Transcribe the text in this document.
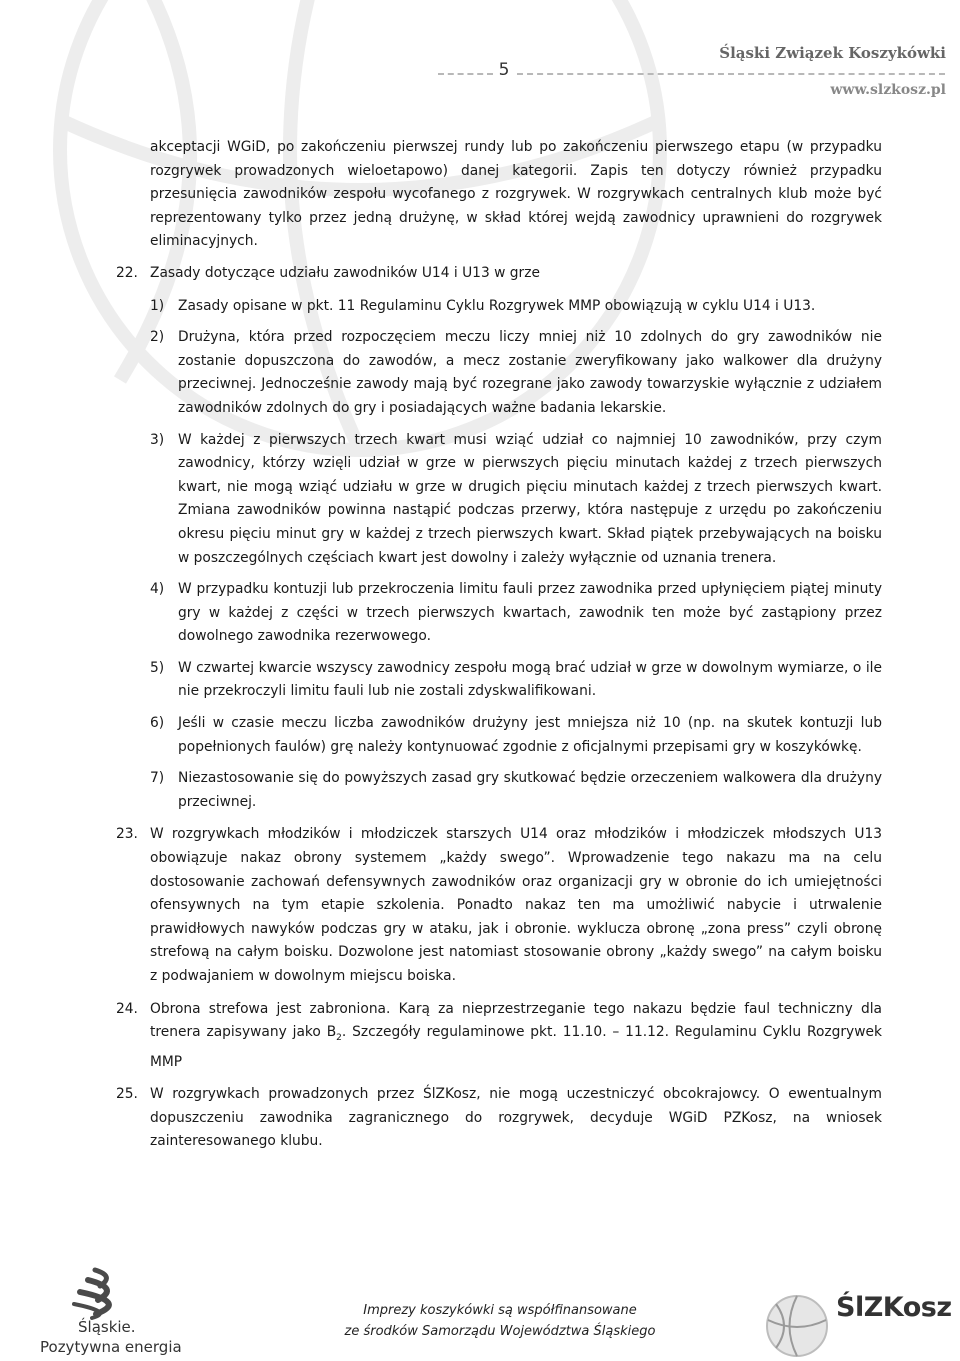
5
Śląski Związek Koszykówki
www.slzkosz.pl

akceptacji WGiD, po zakończeniu pierwszej rundy lub po zakończeniu pierwszego etapu (w przypadku rozgrywek prowadzonych wieloetapowo) danej kategorii. Zapis ten dotyczy również przypadku przesunięcia zawodników zespołu wycofanego z rozgrywek. W rozgrywkach centralnych klub może być reprezentowany tylko przez jedną drużynę, w skład której wejdą zawodnicy uprawnieni do rozgrywek eliminacyjnych.

22. Zasady dotyczące udziału zawodników U14 i U13 w grze
1) Zasady opisane w pkt. 11 Regulaminu Cyklu Rozgrywek MMP obowiązują w cyklu U14 i U13.
2) Drużyna, która przed rozpoczęciem meczu liczy mniej niż 10 zdolnych do gry zawodników nie zostanie dopuszczona do zawodów, a mecz zostanie zweryfikowany jako walkower dla drużyny przeciwnej. Jednocześnie zawody mają być rozegrane jako zawody towarzyskie wyłącznie z udziałem zawodników zdolnych do gry i posiadających ważne badania lekarskie.
3) W każdej z pierwszych trzech kwart musi wziąć udział co najmniej 10 zawodników, przy czym zawodnicy, którzy wzięli udział w grze w pierwszych pięciu minutach każdej z trzech pierwszych kwart, nie mogą wziąć udziału w grze w drugich pięciu minutach każdej z trzech pierwszych kwart. Zmiana zawodników powinna nastąpić podczas przerwy, która następuje z urzędu po zakończeniu okresu pięciu minut gry w każdej z trzech pierwszych kwart. Skład piątek przebywających na boisku w poszczególnych częściach kwart jest dowolny i zależy wyłącznie od uznania trenera.
4) W przypadku kontuzji lub przekroczenia limitu fauli przez zawodnika przed upłynięciem piątej minuty gry w każdej z części w trzech pierwszych kwartach, zawodnik ten może być zastąpiony przez dowolnego zawodnika rezerwowego.
5) W czwartej kwarcie wszyscy zawodnicy zespołu mogą brać udział w grze w dowolnym wymiarze, o ile nie przekroczyli limitu fauli lub nie zostali zdyskwalifikowani.
6) Jeśli w czasie meczu liczba zawodników drużyny jest mniejsza niż 10 (np. na skutek kontuzji lub popełnionych faulów) grę należy kontynuować zgodnie z oficjalnymi przepisami gry w koszykówkę.
7) Niezastosowanie się do powyższych zasad gry skutkować będzie orzeczeniem walkowera dla drużyny przeciwnej.
23. W rozgrywkach młodzików i młodziczek starszych U14 oraz młodzików i młodziczek młodszych U13 obowiązuje nakaz obrony systemem „każdy swego”. Wprowadzenie tego nakazu ma na celu dostosowanie zachowań defensywnych zawodników oraz organizacji gry w obronie do ich umiejętności ofensywnych na tym etapie szkolenia. Ponadto nakaz ten ma umożliwić nabycie i utrwalenie prawidłowych nawyków podczas gry w ataku, jak i obronie. wyklucza obronę „zona press” czyli obronę strefową na całym boisku. Dozwolone jest natomiast stosowanie obrony „każdy swego” na całym boisku z podwajaniem w dowolnym miejscu boiska.
24. Obrona strefowa jest zabroniona. Karą za nieprzestrzeganie tego nakazu będzie faul techniczny dla trenera zapisywany jako $B_2$. Szczegóły regulaminowe pkt. 11.10. – 11.12. Regulaminu Cyklu Rozgrywek MMP
25. W rozgrywkach prowadzonych przez ŚlZKosz, nie mogą uczestniczyć obcokrajowcy. O ewentualnym dopuszczeniu zawodnika zagranicznego do rozgrywek, decyduje WGiD PZKosz, na wniosek zainteresowanego klubu.
Śląskie.
Pozytywna energia
Imprezy koszykówki są współfinansowane
ze środków Samorządu Województwa Śląskiego
ŚlZKosz
